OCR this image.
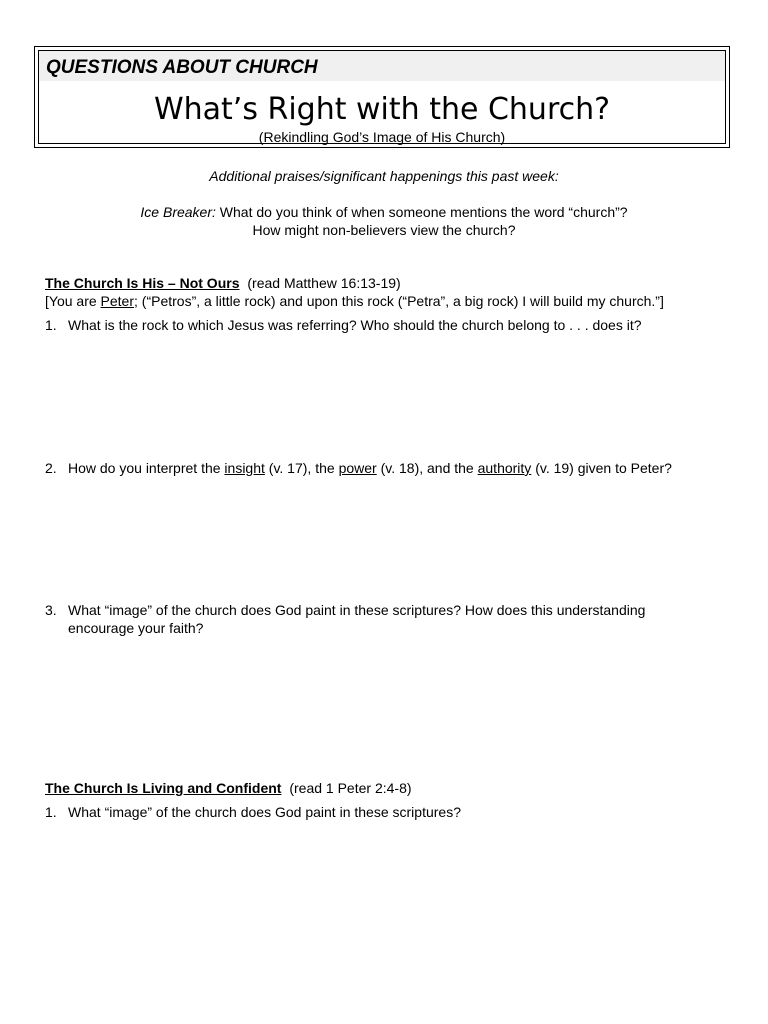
QUESTIONS ABOUT CHURCH
What’s Right with the Church?
(Rekindling God’s Image of His Church)
Additional praises/significant happenings this past week:
Ice Breaker: What do you think of when someone mentions the word “church”?
How might non-believers view the church?
The Church Is His – Not Ours (read Matthew 16:13-19)
[You are Peter; (“Petros”, a little rock) and upon this rock (“Petra”, a big rock) I will build my church.”]
1. What is the rock to which Jesus was referring? Who should the church belong to . . . does it?
2. How do you interpret the insight (v. 17), the power (v. 18), and the authority (v. 19) given to Peter?
3. What “image” of the church does God paint in these scriptures? How does this understanding encourage your faith?
The Church Is Living and Confident (read 1 Peter 2:4-8)
1. What “image” of the church does God paint in these scriptures?
